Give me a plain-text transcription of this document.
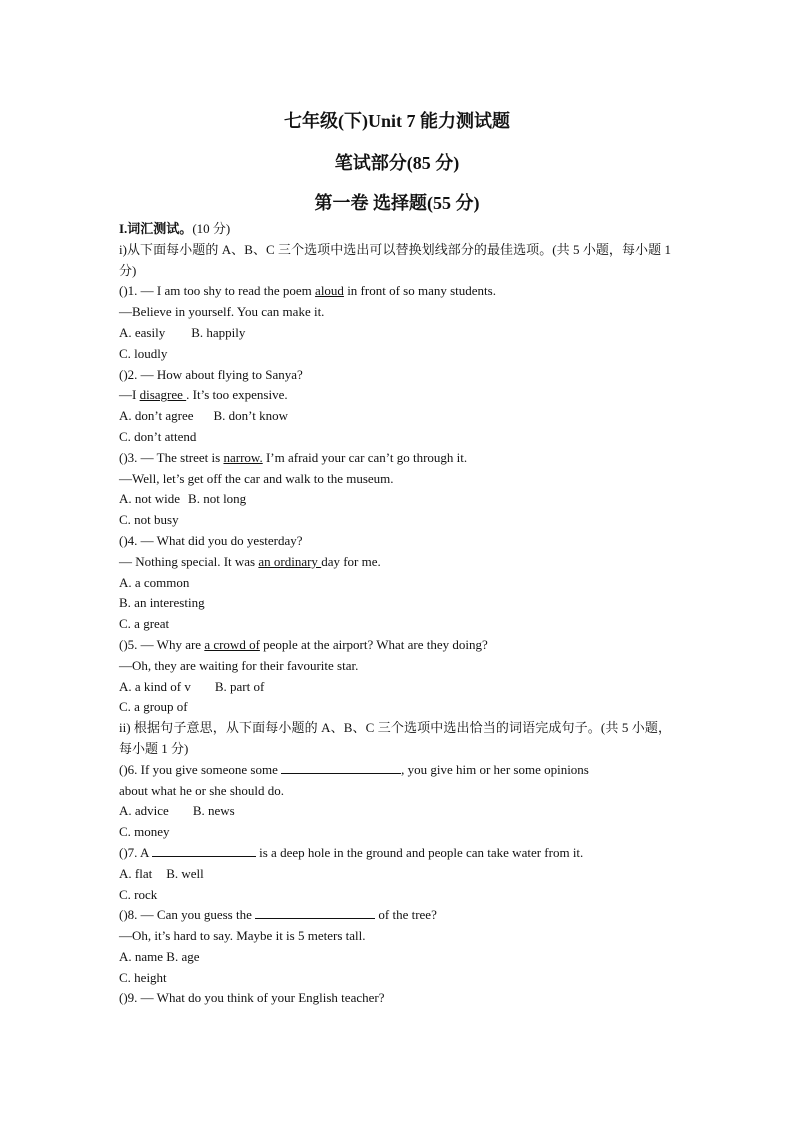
七年级(下)Unit 7 能力测试题
笔试部分(85 分)
第一卷 选择题(55 分)
I.词汇测试。(10 分)
i)从下面每小题的 A、B、C 三个选项中选出可以替换划线部分的最佳选项。(共 5 小题，每小题 1 分)
()1. — I am too shy to read the poem aloud in front of so many students.
—Believe in yourself. You can make it.
A. easily B. happily
C. loudly
()2. — How about flying to Sanya?
—I disagree . It’s too expensive.
A. don’t agree B. don’t know
C. don’t attend
()3. — The street is narrow. I’m afraid your car can’t go through it.
—Well, let’s get off the car and walk to the museum.
A. not wide B. not long
C. not busy
()4. — What did you do yesterday?
— Nothing special. It was an ordinary day for me.
A. a common
B. an interesting
C. a great
()5. — Why are a crowd of people at the airport? What are they doing?
—Oh, they are waiting for their favourite star.
A. a kind of v B. part of
C. a group of
ii) 根据句子意思，从下面每小题的 A、B、C 三个选项中选出恰当的词语完成句子。(共 5 小题，每小题 1 分)
()6. If you give someone some	, you give him or her some opinions
about what he or she should do.
A. advice B. news
C. money
()7. A	is a deep hole in the ground and people can take water from it.
A. flat B. well
C. rock
()8. — Can you guess the	of the tree?
—Oh, it’s hard to say. Maybe it is 5 meters tall.
A. name B. age
C. height
()9. — What do you think of your English teacher?
